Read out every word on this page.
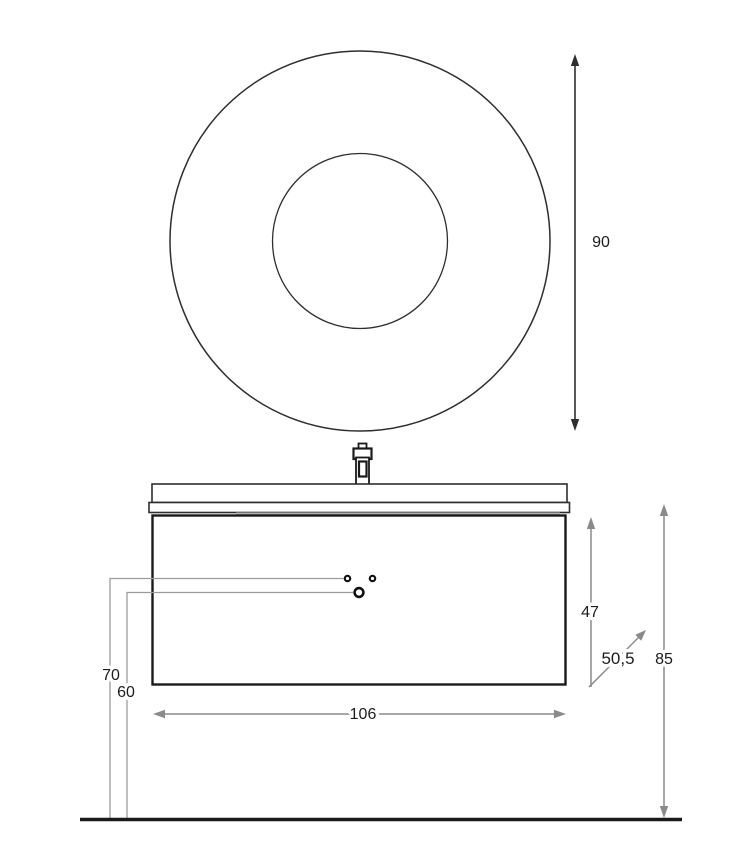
90
47
50,5 85
106
70
60
